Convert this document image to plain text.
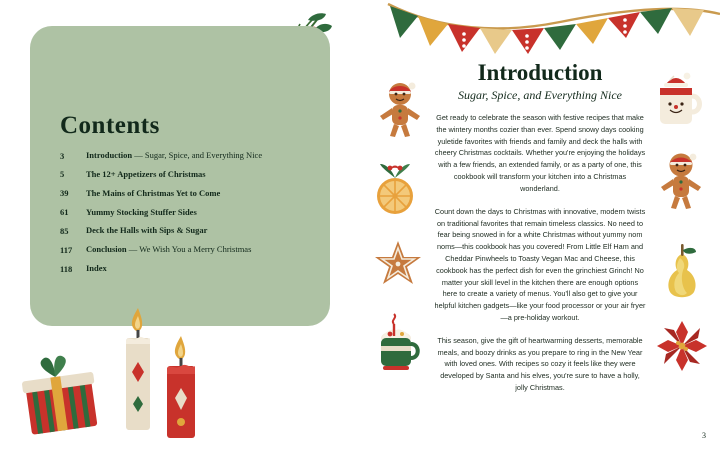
Contents
3	Introduction — Sugar, Spice, and Everything Nice
5	The 12+ Appetizers of Christmas
39	The Mains of Christmas Yet to Come
61	Yummy Stocking Stuffer Sides
85	Deck the Halls with Sips & Sugar
117	Conclusion — We Wish You a Merry Christmas
118	Index
Introduction
Sugar, Spice, and Everything Nice

Get ready to celebrate the season with festive recipes that make the wintery months cozier than ever. Spend snowy days cooking yuletide favorites with friends and family and deck the halls with cheery Christmas cocktails. Whether you're enjoying the holidays with a few friends, an extended family, or as a party of one, this cookbook will transform your kitchen into a Christmas wonderland.

Count down the days to Christmas with innovative, modern twists on traditional favorites that remain timeless classics. No need to fear being snowed in for a white Christmas without yummy nom noms—this cookbook has you covered! From Little Elf Ham and Cheddar Pinwheels to Toasty Vegan Mac and Cheese, this cookbook has the perfect dish for even the grinchiest Grinch! No matter your skill level in the kitchen there are enough options here to create a variety of menus. You'll also get to give your helpful kitchen gadgets—like your food processor or your air fryer—a pre-holiday workout.

This season, give the gift of heartwarming desserts, memorable meals, and boozy drinks as you prepare to ring in the New Year with loved ones. With recipes so cozy it feels like they were developed by Santa and his elves, you're sure to have a holly, jolly Christmas.

3
